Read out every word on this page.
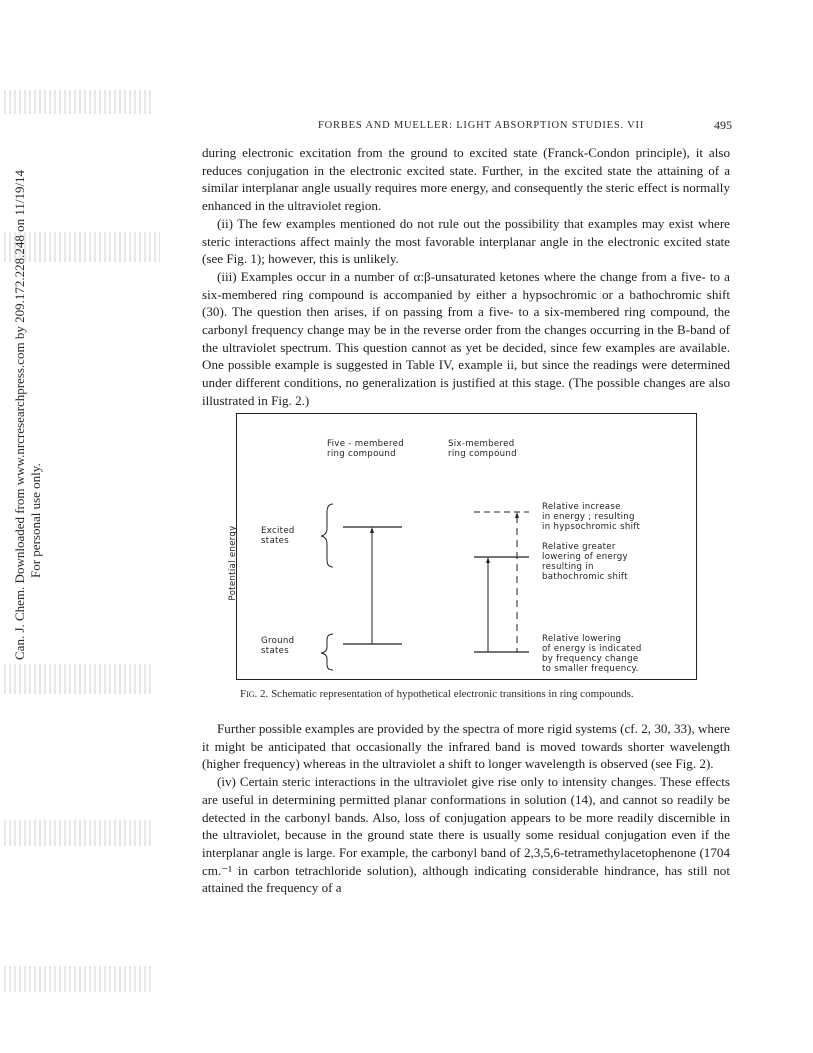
Can. J. Chem. Downloaded from www.nrcresearchpress.com by 209.172.228.248 on 11/19/14 For personal use only.
FORBES AND MUELLER: LIGHT ABSORPTION STUDIES. VII	495

during electronic excitation from the ground to excited state (Franck-Condon principle), it also reduces conjugation in the electronic excited state. Further, in the excited state the attaining of a similar interplanar angle usually requires more energy, and consequently the steric effect is normally enhanced in the ultraviolet region.

(ii) The few examples mentioned do not rule out the possibility that examples may exist where steric interactions affect mainly the most favorable interplanar angle in the electronic excited state (see Fig. 1); however, this is unlikely.

(iii) Examples occur in a number of α:β-unsaturated ketones where the change from a five- to a six-membered ring compound is accompanied by either a hypsochromic or a bathochromic shift (30). The question then arises, if on passing from a five- to a six-membered ring compound, the carbonyl frequency change may be in the reverse order from the changes occurring in the B-band of the ultraviolet spectrum. This question cannot as yet be decided, since few examples are available. One possible example is suggested in Table IV, example ii, but since the readings were determined under different conditions, no generalization is justified at this stage. (The possible changes are also illustrated in Fig. 2.)

Five - membered
ring compound
Six-membered
ring compound
Excited
states
Ground
states
Relative increase
in energy ; resulting
in hypsochromic shift
Relative greater
lowering of energy
resulting in
bathochromic shift
Relative lowering
of energy is indicated
by frequency change
to smaller frequency.
Potential energy
Fig. 2. Schematic representation of hypothetical electronic transitions in ring compounds.

Further possible examples are provided by the spectra of more rigid systems (cf. 2, 30, 33), where it might be anticipated that occasionally the infrared band is moved towards shorter wavelength (higher frequency) whereas in the ultraviolet a shift to longer wavelength is observed (see Fig. 2).

(iv) Certain steric interactions in the ultraviolet give rise only to intensity changes. These effects are useful in determining permitted planar conformations in solution (14), and cannot so readily be detected in the carbonyl bands. Also, loss of conjugation appears to be more readily discernible in the ultraviolet, because in the ground state there is usually some residual conjugation even if the interplanar angle is large. For example, the carbonyl band of 2,3,5,6-tetramethylacetophenone (1704 cm.⁻¹ in carbon tetrachloride solution), although indicating considerable hindrance, has still not attained the frequency of a
